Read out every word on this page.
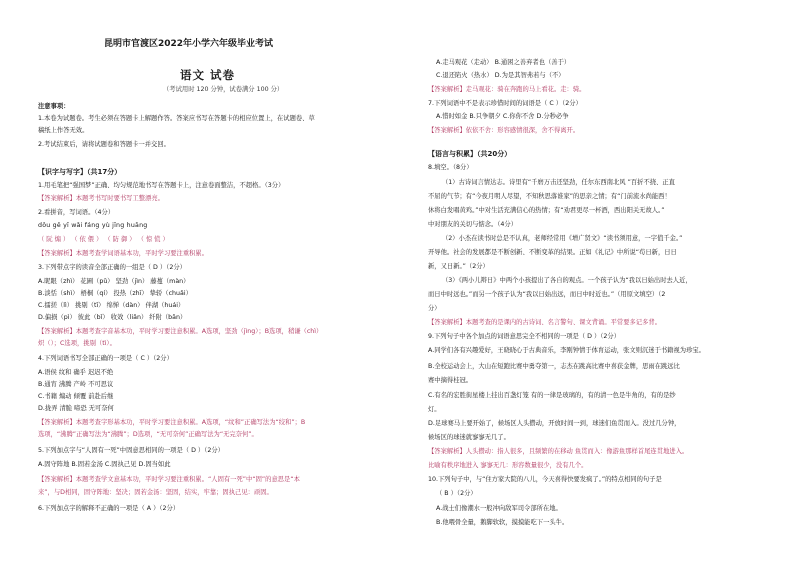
昆明市官渡区2022年小学六年级毕业考试
语文 试卷
（考试用时 120 分钟，试卷满分 100 分）
注意事项：
1.本卷为试题卷。考生必须在答题卡上解题作答。答案应书写在答题卡的相应位置上，在试题卷、草
稿纸上作答无效。
2.考试结束后，请将试题卷和答题卡一并交回。
【识字与写字】（共17分）
1.用毛笔把“强国梦”正确、均匀规范地书写在答题卡上，注意卷面整洁，不超格。（3分）
【答案解析】本题考书写时要书写工整漂亮。
2.看拼音，写词语。（4分）
dǒu gě yī wǎi fáng yù jīng huāng
（ 阮 煽 ） （ 依 偎 ） （ 防 御 ） （ 惊 慌 ）
【答案解析】本题考查学词语基本功，平时学习要注重积累。
3.下列带点字的读音全部正确的一组是（ D ）（2分）
A.昵眼（zhì） 花圃（pǔ） 坚劲（jìn） 藤蔓（màn）
B.淡恬（shì） 梧桐（qí） 投热（zhī） 挚轿（chuǎi）
C.擂搓（lì） 挑剔（tī） 绵惮（dàn） 伴湖（huái）
D.偏损（pì） 彼此（bǐ） 收效（liǎn） 纤附（bān）
【答案解析】本题考查字音基本功，平时学习要注意积累。A选项，坚劲（jìng）；B选项，稍谦（chì）
炽（）；C选项，挑剔（tì）。
4.下列词语书写全部正确的一项是（ C ）（2分）
A.语侯 纹和 确乎 迟迟不绝
B.通宵 沸腾 产岭 不可思议
C.书籍 煽动 倾覆 前赴后继
D.拢弄 清脆 啼恐 无可奈何
【答案解析】本题考查字形基本功，平时学习要注意积累。A选项，“纹和”正确写法为“绞和”；B
选项，“沸腾”正确写法为“沸腾”；D选项，“无可奈何”正确写法为“无完奈何”。
5.下列加点字与“人固有一死”中固意思相同的一项是（ D ）（2分）
A.固守阵地 B.固若金汤 C.固执己见 D.固当如此
【答案解析】本题考查学文意基本功，平时学习要注重积累。“人固有一死”中“固”的意思是“本
来”，与D相同，固守阵地：坚决；固若金汤：坚固，结实，牢靠；固执己见：顽固。
6.下列加点字的解释不正确的一项是（ A ）（2分）
A.走马观花（走动） B.通困之善弃者也（善于）
C.退还陷火（热水） D.为是其智弗若与（不）
【答案解析】走马观花：骑在奔跑的马上看花。走：骑。
7.下列词语中不是表示珍惜时间的词语是（ C ）（2分）
A.惜时如金 B.只争朝夕 C.你你不舍 D.分秒必争
【答案解析】依依不舍：形容感情很深，舍不得离开。
【语言与积累】（共20分）
8.填空。（8分）
（1）古诗词言情达志。诗里有“千磨万击还坚劲，任尔东西南北风 ”百折不挠、正直
不屈的气节；有“今夜月明人尽望，不知秋思落谁家”的思亲之情；有“门前流水尚能西！
休将白发唱黄鸡。”中对生活充满信心的热情；有“劝君更尽一杯酒，西出阳关无故人。”
中对朋友的关切与惦念。（4分）
（2）小杰在读书时总是不认真，老师经常用《增广贤文》“读书须用意，一字值千金。”
开导他。社会的发展都是不断创新、不断变革的结果。正如《礼记》中所说“苟日新，日日
新，又日新。”（2分）
（3）《两小儿辩日》中两个小孩提出了各自的观点。一个孩子认为“我以日始出时去人近，
而日中时远也。”而另一个孩子认为“我以日始出远，而日中时近也。”（用原文填空）（2
分）
【答案解析】本题考查的是课内的古诗词、名言警句、课文背诵。平常要多记多背。
9.下列句子中各个加点的词语意思完全不相同的一项是（ D ）（2分）
A.同学们各有兴趣爱好，王晓晓心于古典音乐，李刚钟情于体育运动，张文则沉迷于书籍视为珍宝。
B.全校运动会上，大山在短跑比赛中勇夺第一，志杰在跳高比赛中喜获金牌，思雨在跳远比
赛中摘得桂冠。
C.有名的宏胜街星楼上挂出百盏灯笼 有的一律是玻璃的，有的清一色是牛角的，有的是纱
灯。
D.足球赛马上要开始了，候场区人头攒动，开放时间一到，球迷们鱼贯而入。没过几分钟，
候场区的球迷就寥寥无几了。
【答案解析】人头攒动：指人很多，且频繁的在移动 鱼贯而入：像游鱼那样首尾连贯地进入。
比喻有秩序地进入 寥寥无几：形容数量很少，没有几个。
10.下列句子中，与“住方家大院的八儿，今天喜得快要发疯了。”的特点相同的句子是
（ B ）（2分）
A.战士们像潮水一般冲向敌军司令部所在地。
B.他喂骨全量，鹅脚软软，摸摸能吃下一头牛。
